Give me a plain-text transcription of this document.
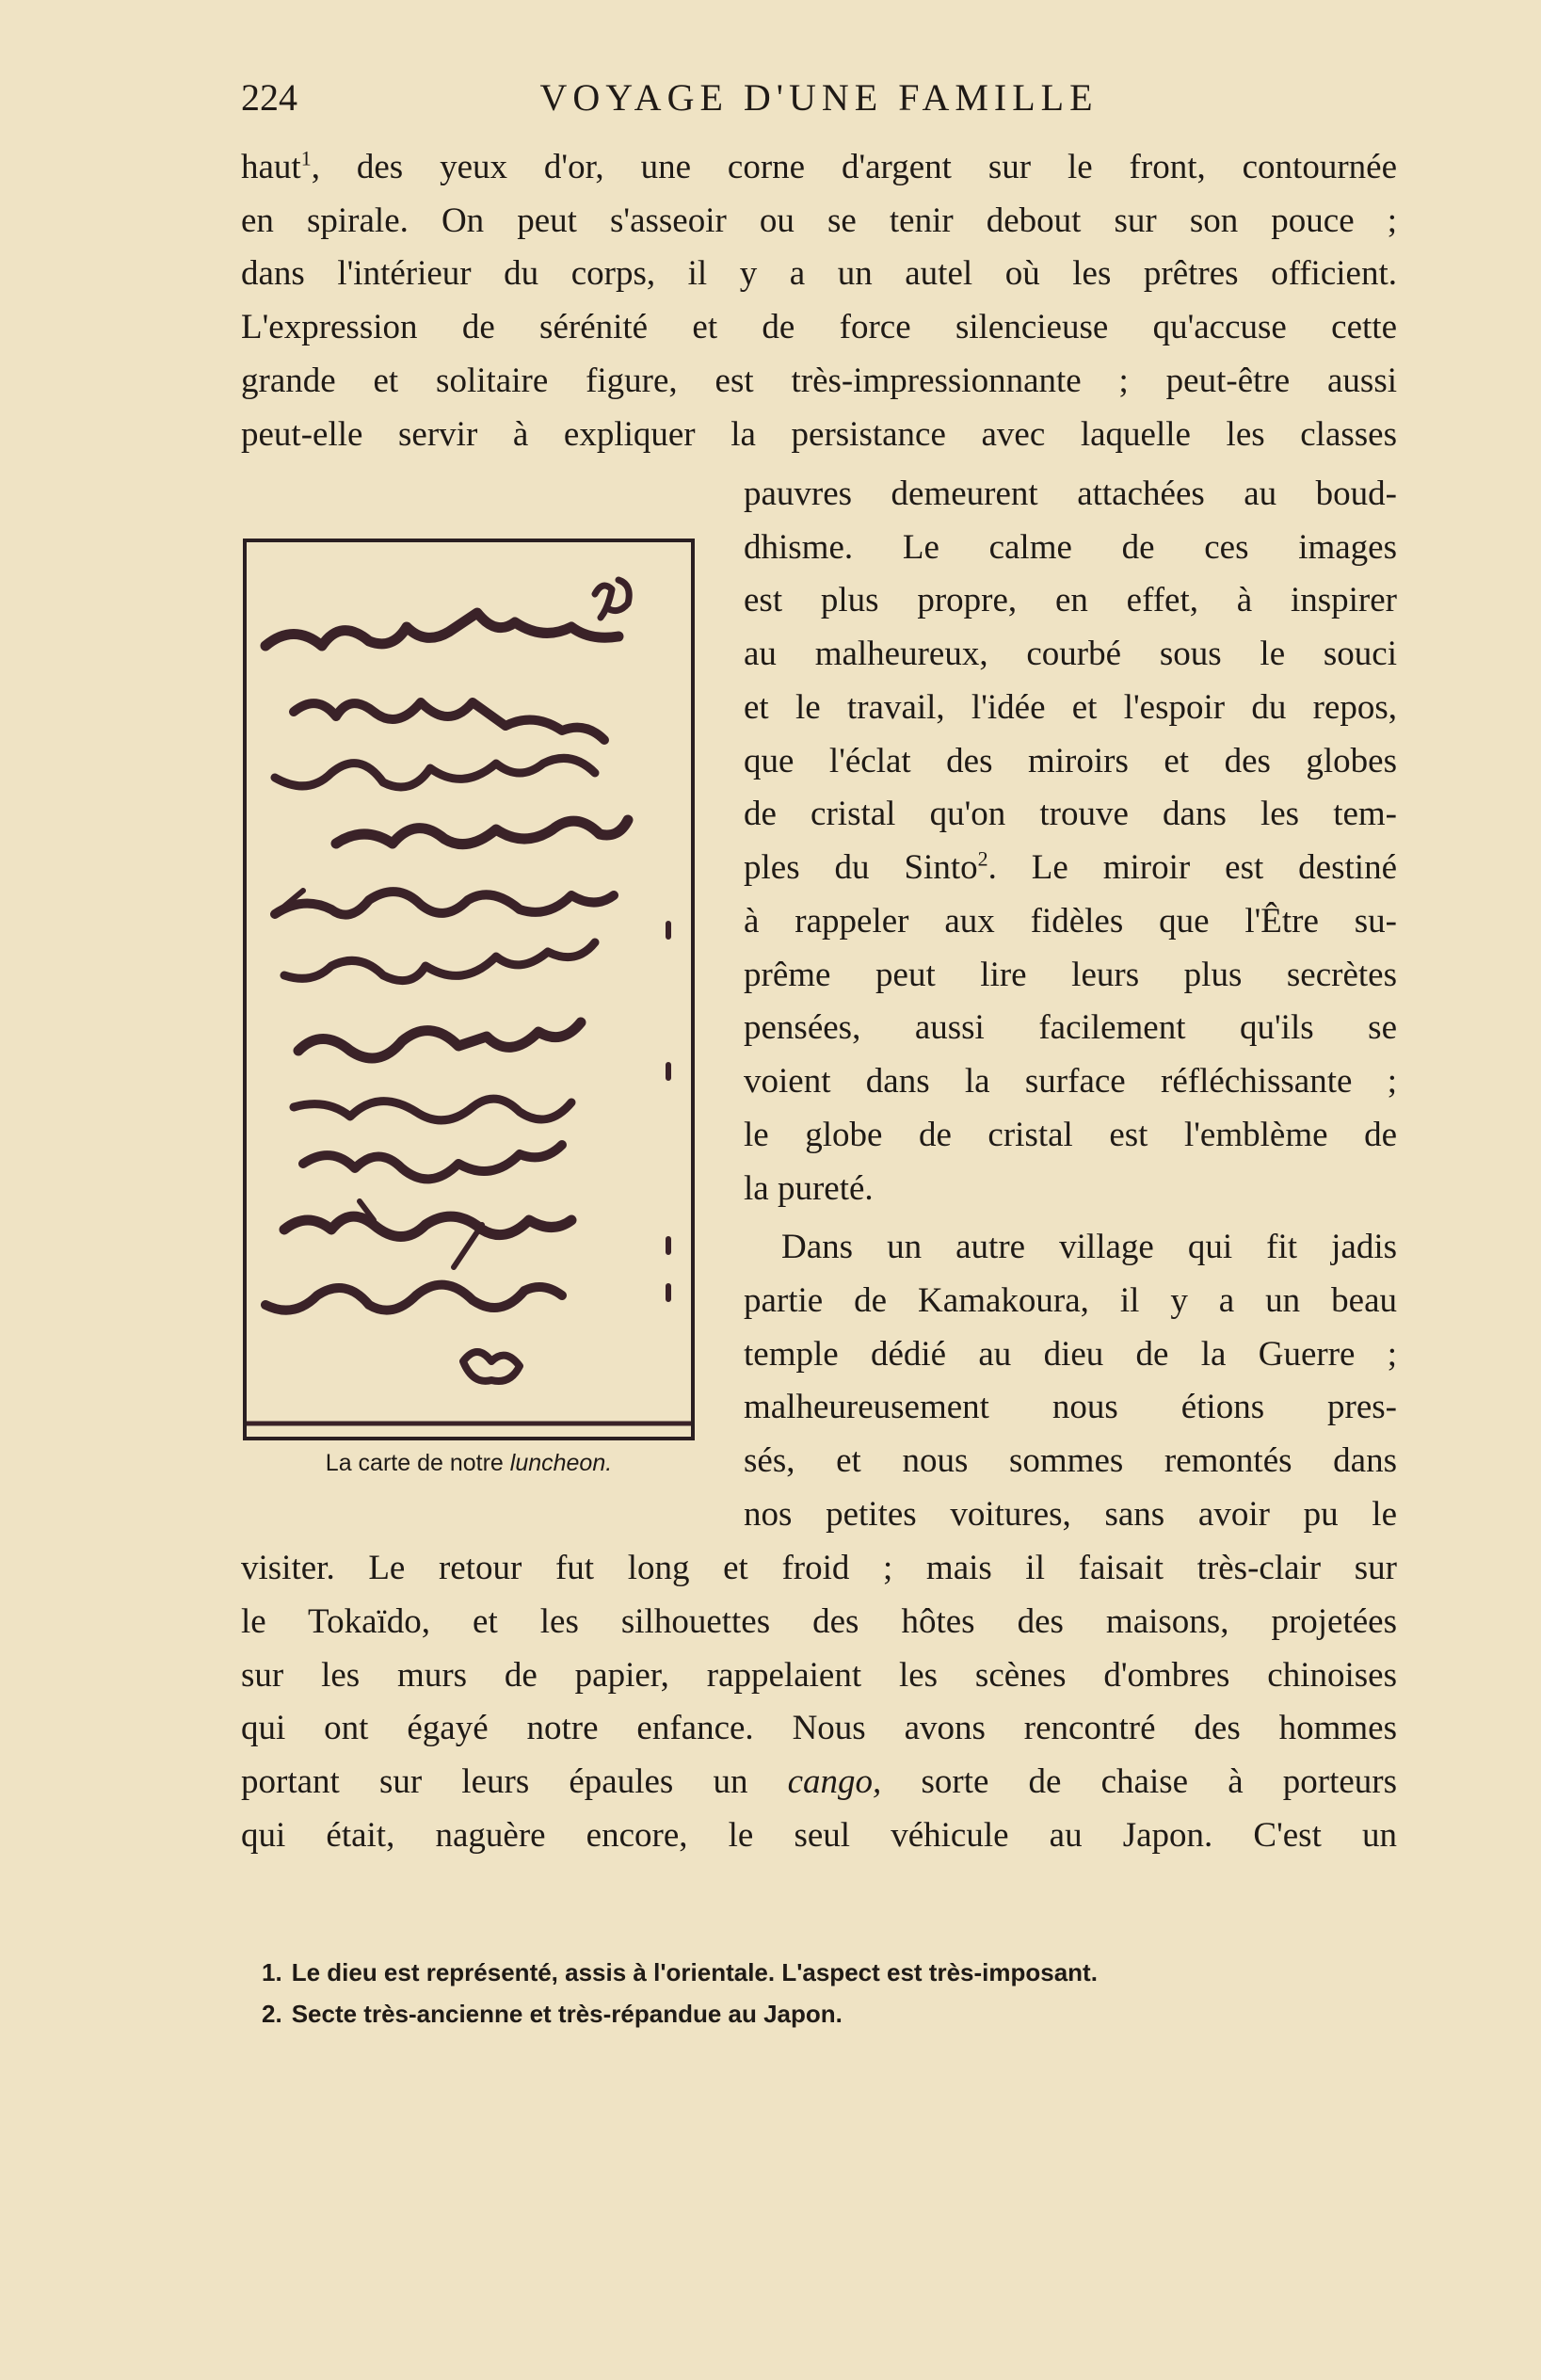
224	VOYAGE D'UNE FAMILLE
haut$^1$, des yeux d'or, une corne d'argent sur le front, contournée
en spirale. On peut s'asseoir ou se tenir debout sur son pouce ;
dans l'intérieur du corps, il y a un autel où les prêtres officient.
L'expression de sérénité et de force silencieuse qu'accuse cette
grande et solitaire figure, est très-impressionnante ; peut-être aussi
peut-elle servir à expliquer la persistance avec laquelle les classes
pauvres demeurent attachées au boud-
dhisme. Le calme de ces images
est plus propre, en effet, à inspirer
au malheureux, courbé sous le souci
et le travail, l'idée et l'espoir du repos,
que l'éclat des miroirs et des globes
de cristal qu'on trouve dans les tem-
ples du Sinto$^2$. Le miroir est destiné
à rappeler aux fidèles que l'Être su-
prême peut lire leurs plus secrètes
pensées, aussi facilement qu'ils se
voient dans la surface réfléchissante ;
le globe de cristal est l'emblème de
la pureté.
Dans un autre village qui fit jadis
partie de Kamakoura, il y a un beau
temple dédié au dieu de la Guerre ;
malheureusement nous étions pres-
sés, et nous sommes remontés dans
nos petites voitures, sans avoir pu le
La carte de notre luncheon.
visiter. Le retour fut long et froid ; mais il faisait très-clair sur
le Tokaïdo, et les silhouettes des hôtes des maisons, projetées
sur les murs de papier, rappelaient les scènes d'ombres chinoises
qui ont égayé notre enfance. Nous avons rencontré des hommes
portant sur leurs épaules un cango, sorte de chaise à porteurs
qui était, naguère encore, le seul véhicule au Japon. C'est un
1. Le dieu est représenté, assis à l'orientale. L'aspect est très-imposant.
2. Secte très-ancienne et très-répandue au Japon.
